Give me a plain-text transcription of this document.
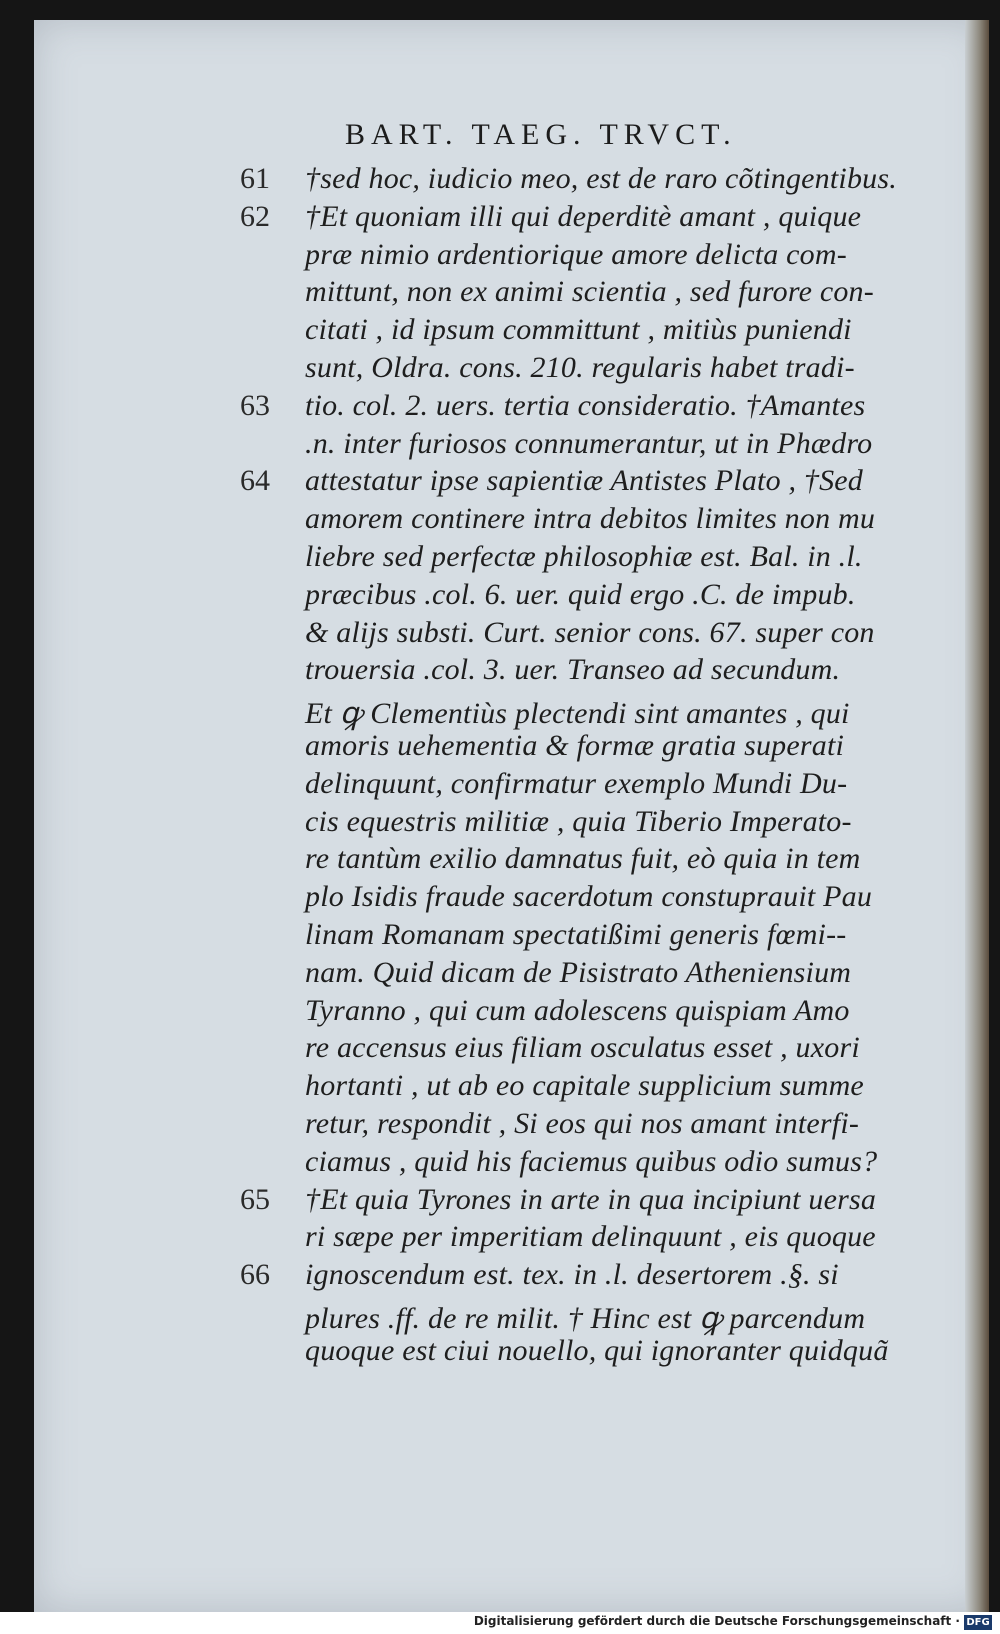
BART. TAEG. TRVCT.
†sed hoc, iudicio meo, est de raro cõtingentibus.
†Et quoniam illi qui deperditè amant , quique
præ nimio ardentiorique amore delicta com-
mittunt, non ex animi scientia , sed furore con-
citati , id ipsum committunt , mitiùs puniendi
sunt, Oldra. cons. 210. regularis habet tradi-
tio. col. 2. uers. tertia consideratio. †Amantes
.n. inter furiosos connumerantur, ut in Phædro
attestatur ipse sapientiæ Antistes Plato , †Sed
amorem continere intra debitos limites non mu
liebre sed perfectæ philosophiæ est. Bal. in .l.
præcibus .col. 6. uer. quid ergo .C. de impub.
& alijs substi. Curt. senior cons. 67. super con
trouersia .col. 3. uer. Transeo ad secundum.
Et ꝙ Clementiùs plectendi sint amantes , qui
amoris uehementia & formæ gratia superati
delinquunt, confirmatur exemplo Mundi Du-
cis equestris militiæ , quia Tiberio Imperato-
re tantùm exilio damnatus fuit, eò quia in tem
plo Isidis fraude sacerdotum constuprauit Pau
linam Romanam spectatißimi generis fœmi--
nam. Quid dicam de Pisistrato Atheniensium
Tyranno , qui cum adolescens quispiam Amo
re accensus eius filiam osculatus esset , uxori
hortanti , ut ab eo capitale supplicium summe
retur, respondit , Si eos qui nos amant interfi-
ciamus , quid his faciemus quibus odio sumus?
†Et quia Tyrones in arte in qua incipiunt uersa
ri sæpe per imperitiam delinquunt , eis quoque
ignoscendum est. tex. in .l. desertorem .§. si
plures .ff. de re milit. † Hinc est ꝙ parcendum
quoque est ciui nouello, qui ignoranter quidquã
61
62
63
64
65
66
Digitalisierung gefördert durch die Deutsche Forschungsgemeinschaft · DFG
